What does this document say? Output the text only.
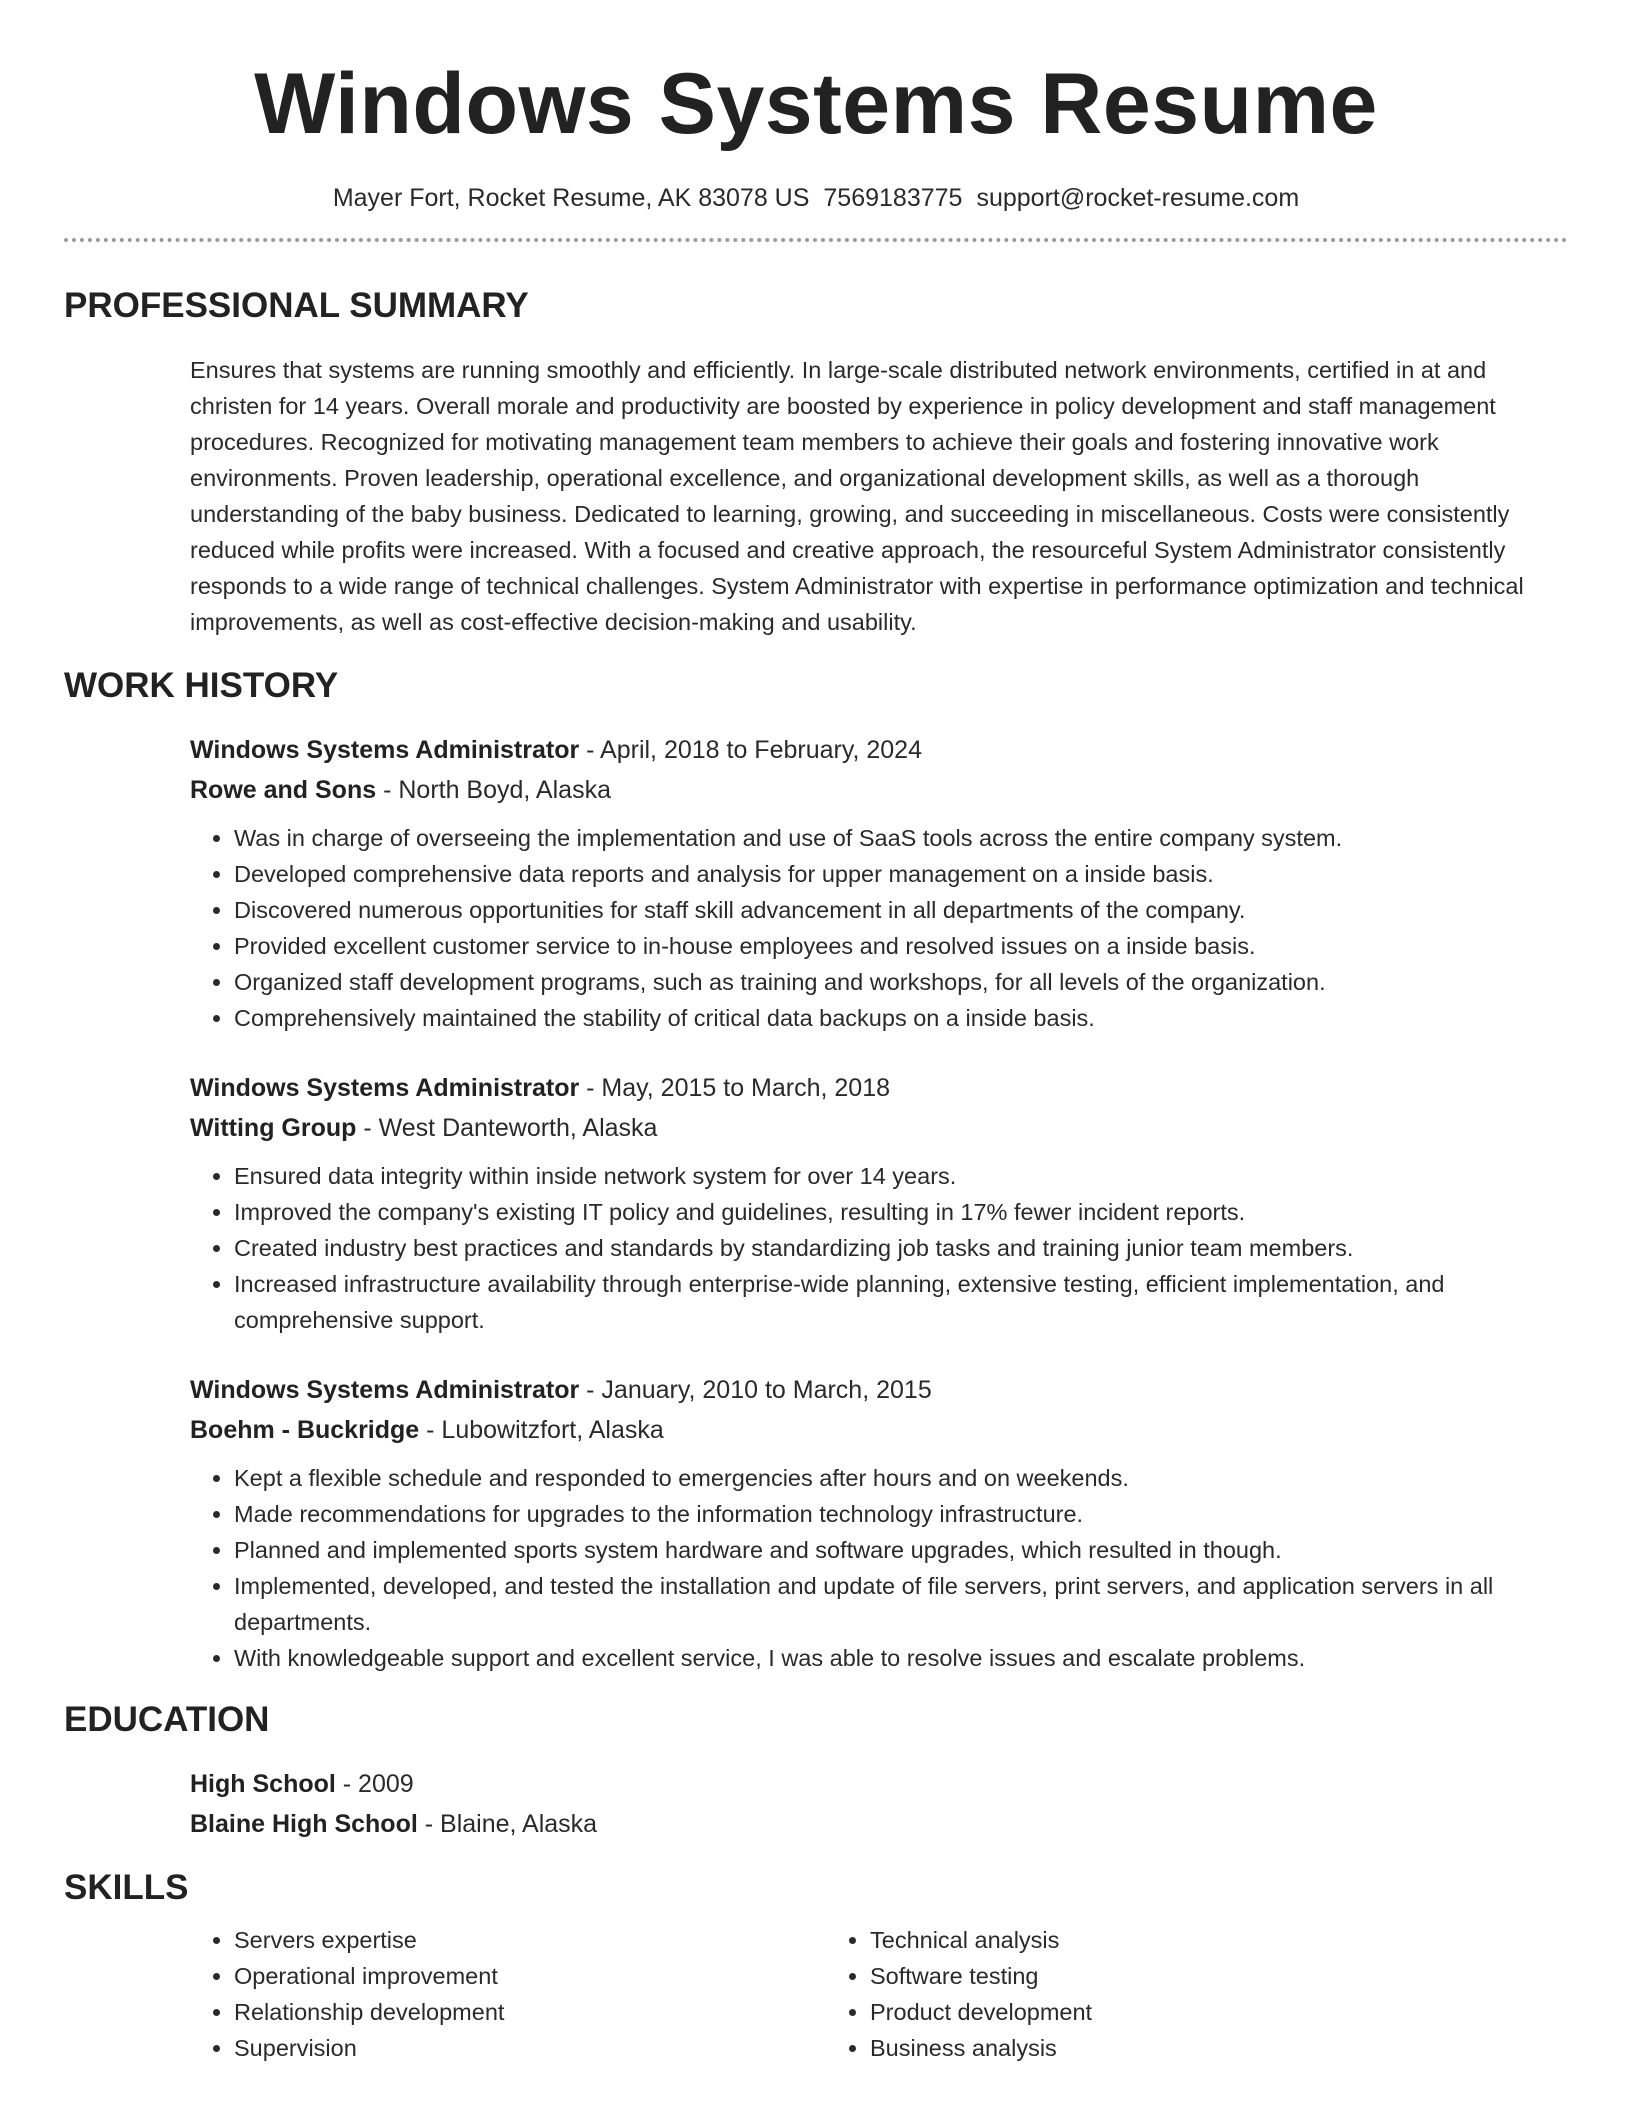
Windows Systems Resume
Mayer Fort, Rocket Resume, AK 83078 US 7569183775 support@rocket-resume.com
PROFESSIONAL SUMMARY
Ensures that systems are running smoothly and efficiently. In large-scale distributed network environments, certified in at and christen for 14 years. Overall morale and productivity are boosted by experience in policy development and staff management procedures. Recognized for motivating management team members to achieve their goals and fostering innovative work environments. Proven leadership, operational excellence, and organizational development skills, as well as a thorough understanding of the baby business. Dedicated to learning, growing, and succeeding in miscellaneous. Costs were consistently reduced while profits were increased. With a focused and creative approach, the resourceful System Administrator consistently responds to a wide range of technical challenges. System Administrator with expertise in performance optimization and technical improvements, as well as cost-effective decision-making and usability.
WORK HISTORY
Windows Systems Administrator - April, 2018 to February, 2024
Rowe and Sons - North Boyd, Alaska
• Was in charge of overseeing the implementation and use of SaaS tools across the entire company system.
• Developed comprehensive data reports and analysis for upper management on a inside basis.
• Discovered numerous opportunities for staff skill advancement in all departments of the company.
• Provided excellent customer service to in-house employees and resolved issues on a inside basis.
• Organized staff development programs, such as training and workshops, for all levels of the organization.
• Comprehensively maintained the stability of critical data backups on a inside basis.
Windows Systems Administrator - May, 2015 to March, 2018
Witting Group - West Danteworth, Alaska
• Ensured data integrity within inside network system for over 14 years.
• Improved the company's existing IT policy and guidelines, resulting in 17% fewer incident reports.
• Created industry best practices and standards by standardizing job tasks and training junior team members.
• Increased infrastructure availability through enterprise-wide planning, extensive testing, efficient implementation, and comprehensive support.
Windows Systems Administrator - January, 2010 to March, 2015
Boehm - Buckridge - Lubowitzfort, Alaska
• Kept a flexible schedule and responded to emergencies after hours and on weekends.
• Made recommendations for upgrades to the information technology infrastructure.
• Planned and implemented sports system hardware and software upgrades, which resulted in though.
• Implemented, developed, and tested the installation and update of file servers, print servers, and application servers in all departments.
• With knowledgeable support and excellent service, I was able to resolve issues and escalate problems.
EDUCATION
High School - 2009
Blaine High School - Blaine, Alaska
SKILLS
• Servers expertise
• Operational improvement
• Relationship development
• Supervision
• Technical analysis
• Software testing
• Product development
• Business analysis
